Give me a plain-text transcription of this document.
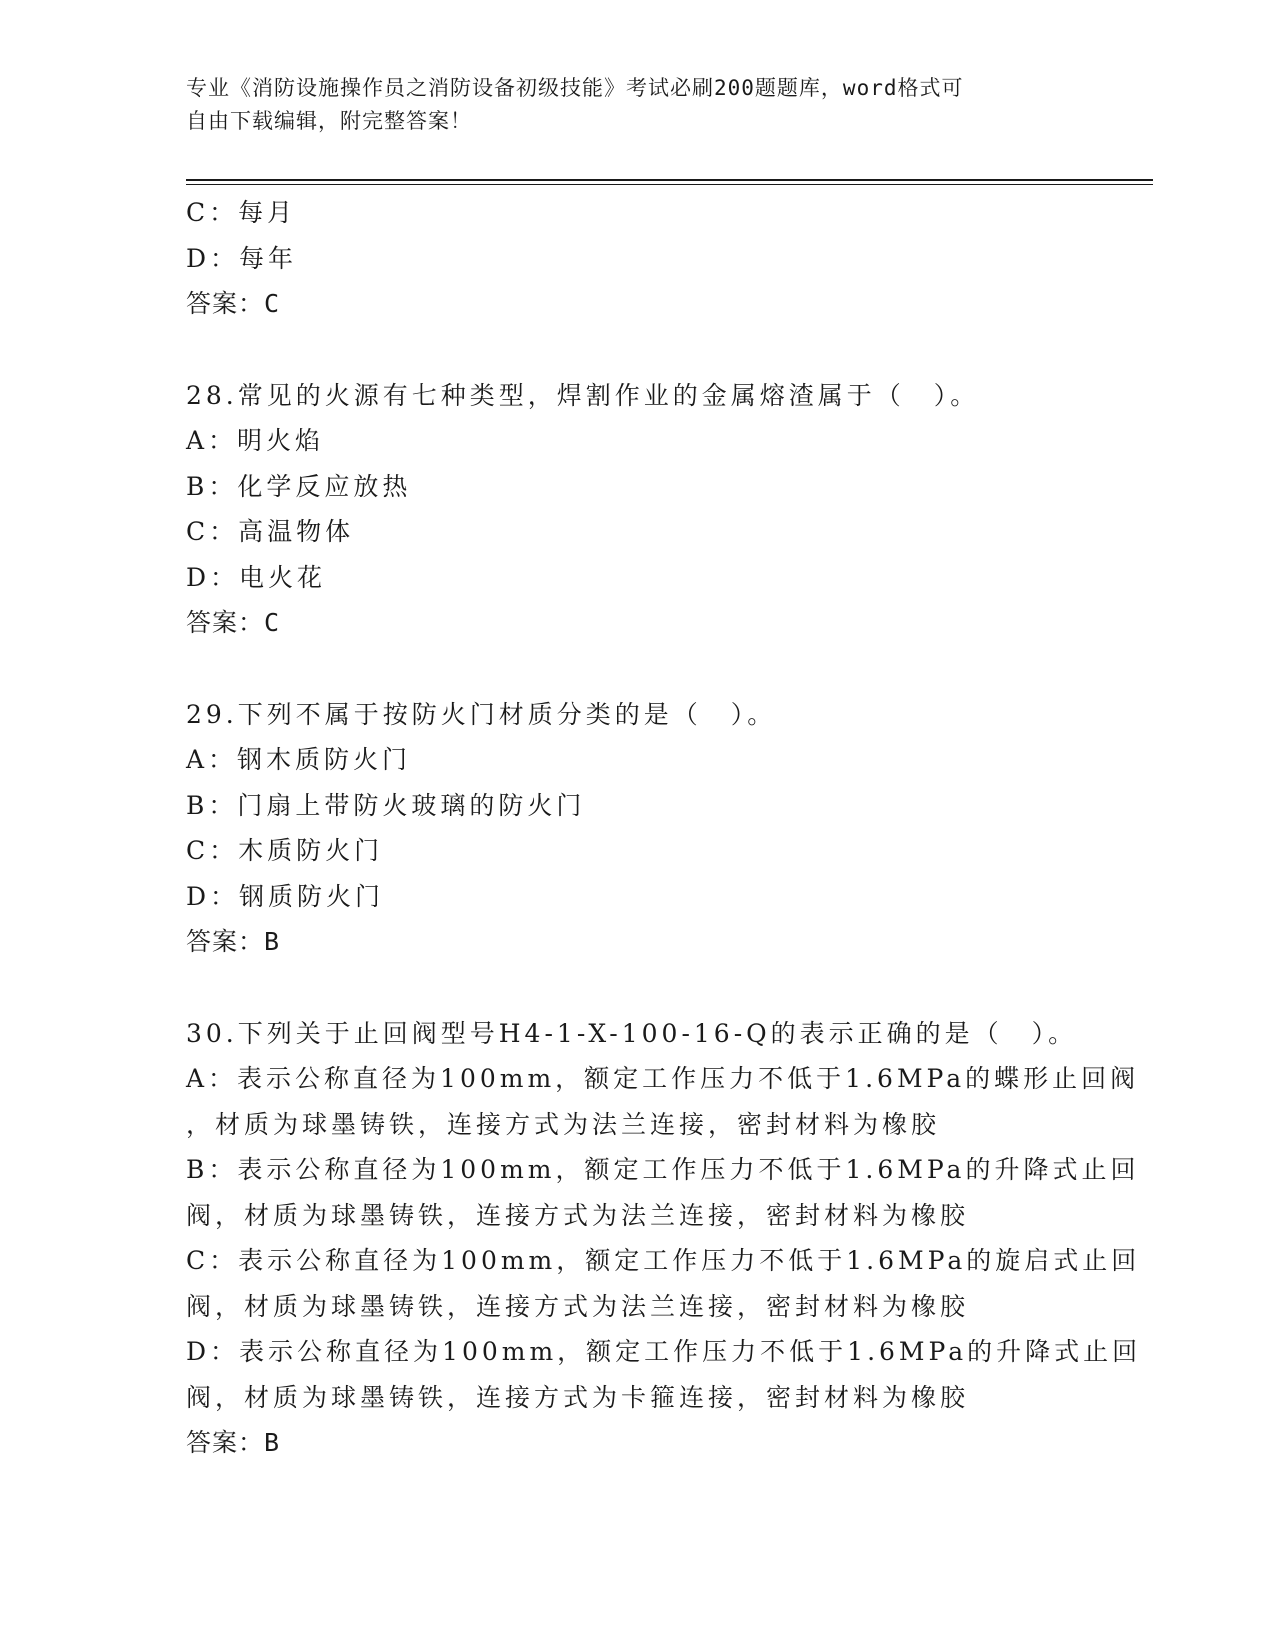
专业《消防设施操作员之消防设备初级技能》考试必刷200题题库，word格式可
自由下载编辑，附完整答案！
C：每月
D：每年
答案：C
28.常见的火源有七种类型，焊割作业的金属熔渣属于（　）。
A：明火焰
B：化学反应放热
C：高温物体
D：电火花
答案：C
29.下列不属于按防火门材质分类的是（　）。
A：钢木质防火门
B：门扇上带防火玻璃的防火门
C：木质防火门
D：钢质防火门
答案：B
30.下列关于止回阀型号H4-1-X-100-16-Q的表示正确的是（　）。
A：表示公称直径为100mm，额定工作压力不低于1.6MPa的蝶形止回阀
，材质为球墨铸铁，连接方式为法兰连接，密封材料为橡胶
B：表示公称直径为100mm，额定工作压力不低于1.6MPa的升降式止回
阀，材质为球墨铸铁，连接方式为法兰连接，密封材料为橡胶
C：表示公称直径为100mm，额定工作压力不低于1.6MPa的旋启式止回
阀，材质为球墨铸铁，连接方式为法兰连接，密封材料为橡胶
D：表示公称直径为100mm，额定工作压力不低于1.6MPa的升降式止回
阀，材质为球墨铸铁，连接方式为卡箍连接，密封材料为橡胶
答案：B
